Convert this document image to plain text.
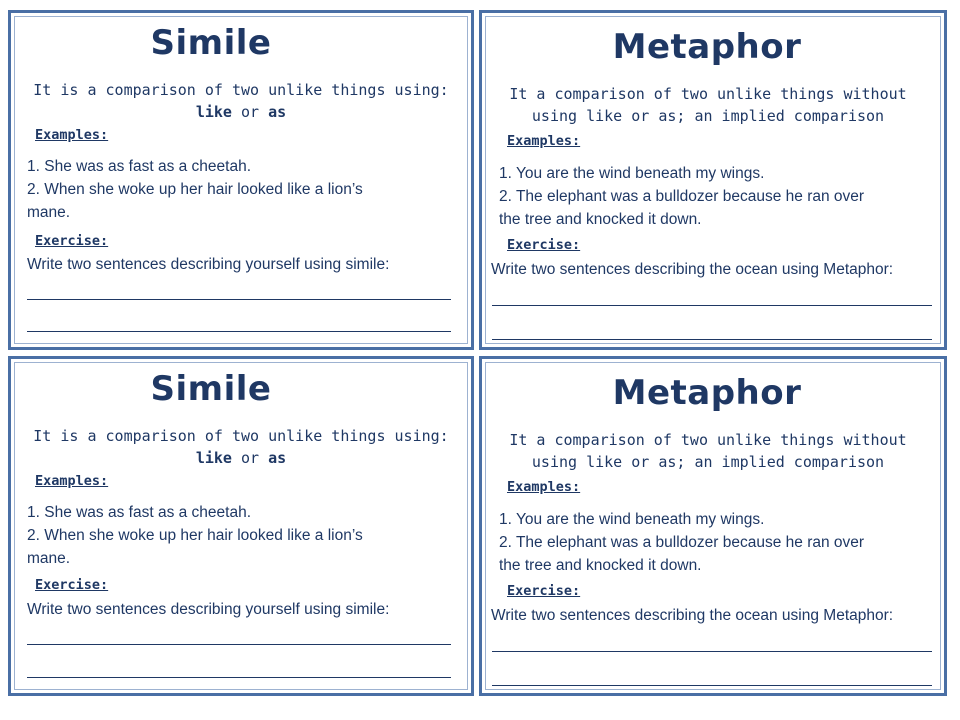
Simile
It is a comparison of two unlike things using:
like or as
Examples:
1. She was as fast as a cheetah.
2. When she woke up her hair looked like a lion’s
mane.
Exercise:
Write two sentences describing yourself using simile:
Metaphor
It a comparison of two unlike things without
using like or as; an implied comparison
Examples:
1. You are the wind beneath my wings.
2. The elephant was a bulldozer because he ran over
the tree and knocked it down.
Exercise:
Write two sentences describing the ocean using Metaphor:
Simile
It is a comparison of two unlike things using:
like or as
Examples:
1. She was as fast as a cheetah.
2. When she woke up her hair looked like a lion’s
mane.
Exercise:
Write two sentences describing yourself using simile:
Metaphor
It a comparison of two unlike things without
using like or as; an implied comparison
Examples:
1. You are the wind beneath my wings.
2. The elephant was a bulldozer because he ran over
the tree and knocked it down.
Exercise:
Write two sentences describing the ocean using Metaphor:
